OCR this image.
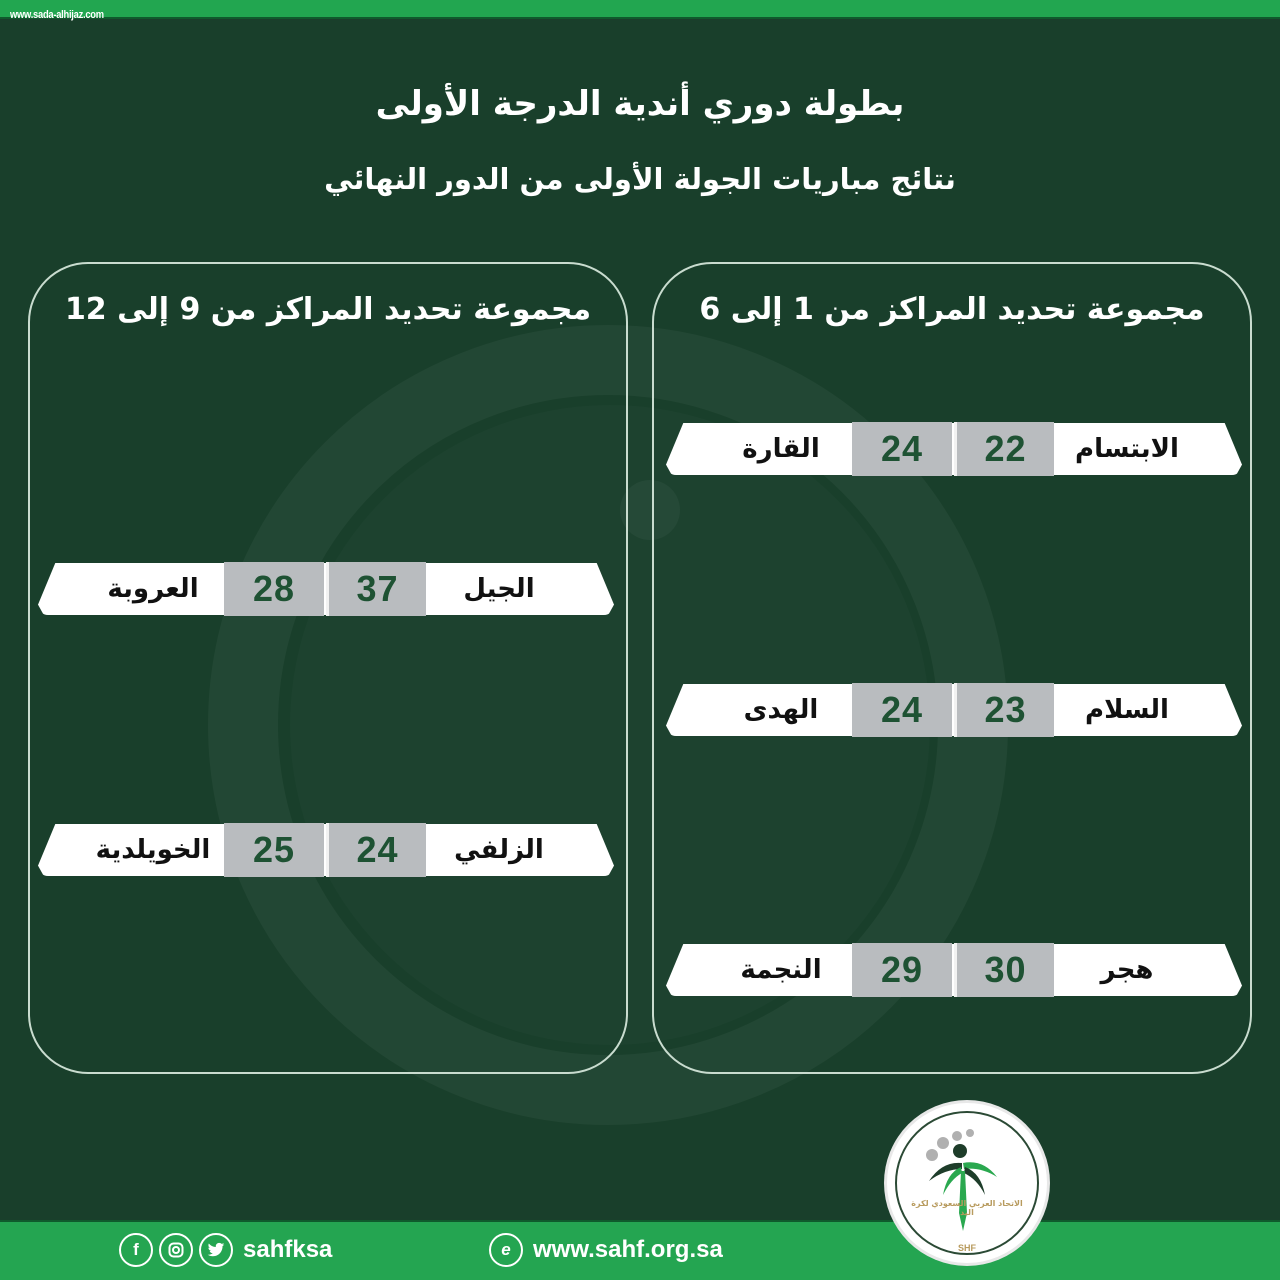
www.sada-alhijaz.com
بطولة دوري أندية الدرجة الأولى
نتائج مباريات الجولة الأولى من الدور النهائي
مجموعة تحديد المراكز من 1 إلى 6
الابتسام
22
24
القارة
السلام
23
24
الهدى
هجر
30
29
النجمة
مجموعة تحديد المراكز من 9 إلى 12
الجيل
37
28
العروبة
الزلفي
24
25
الخويلدية
f	sahfksa	e www.sahf.org.sa
الاتحاد العربي السعودي لكرة اليد
SHF
